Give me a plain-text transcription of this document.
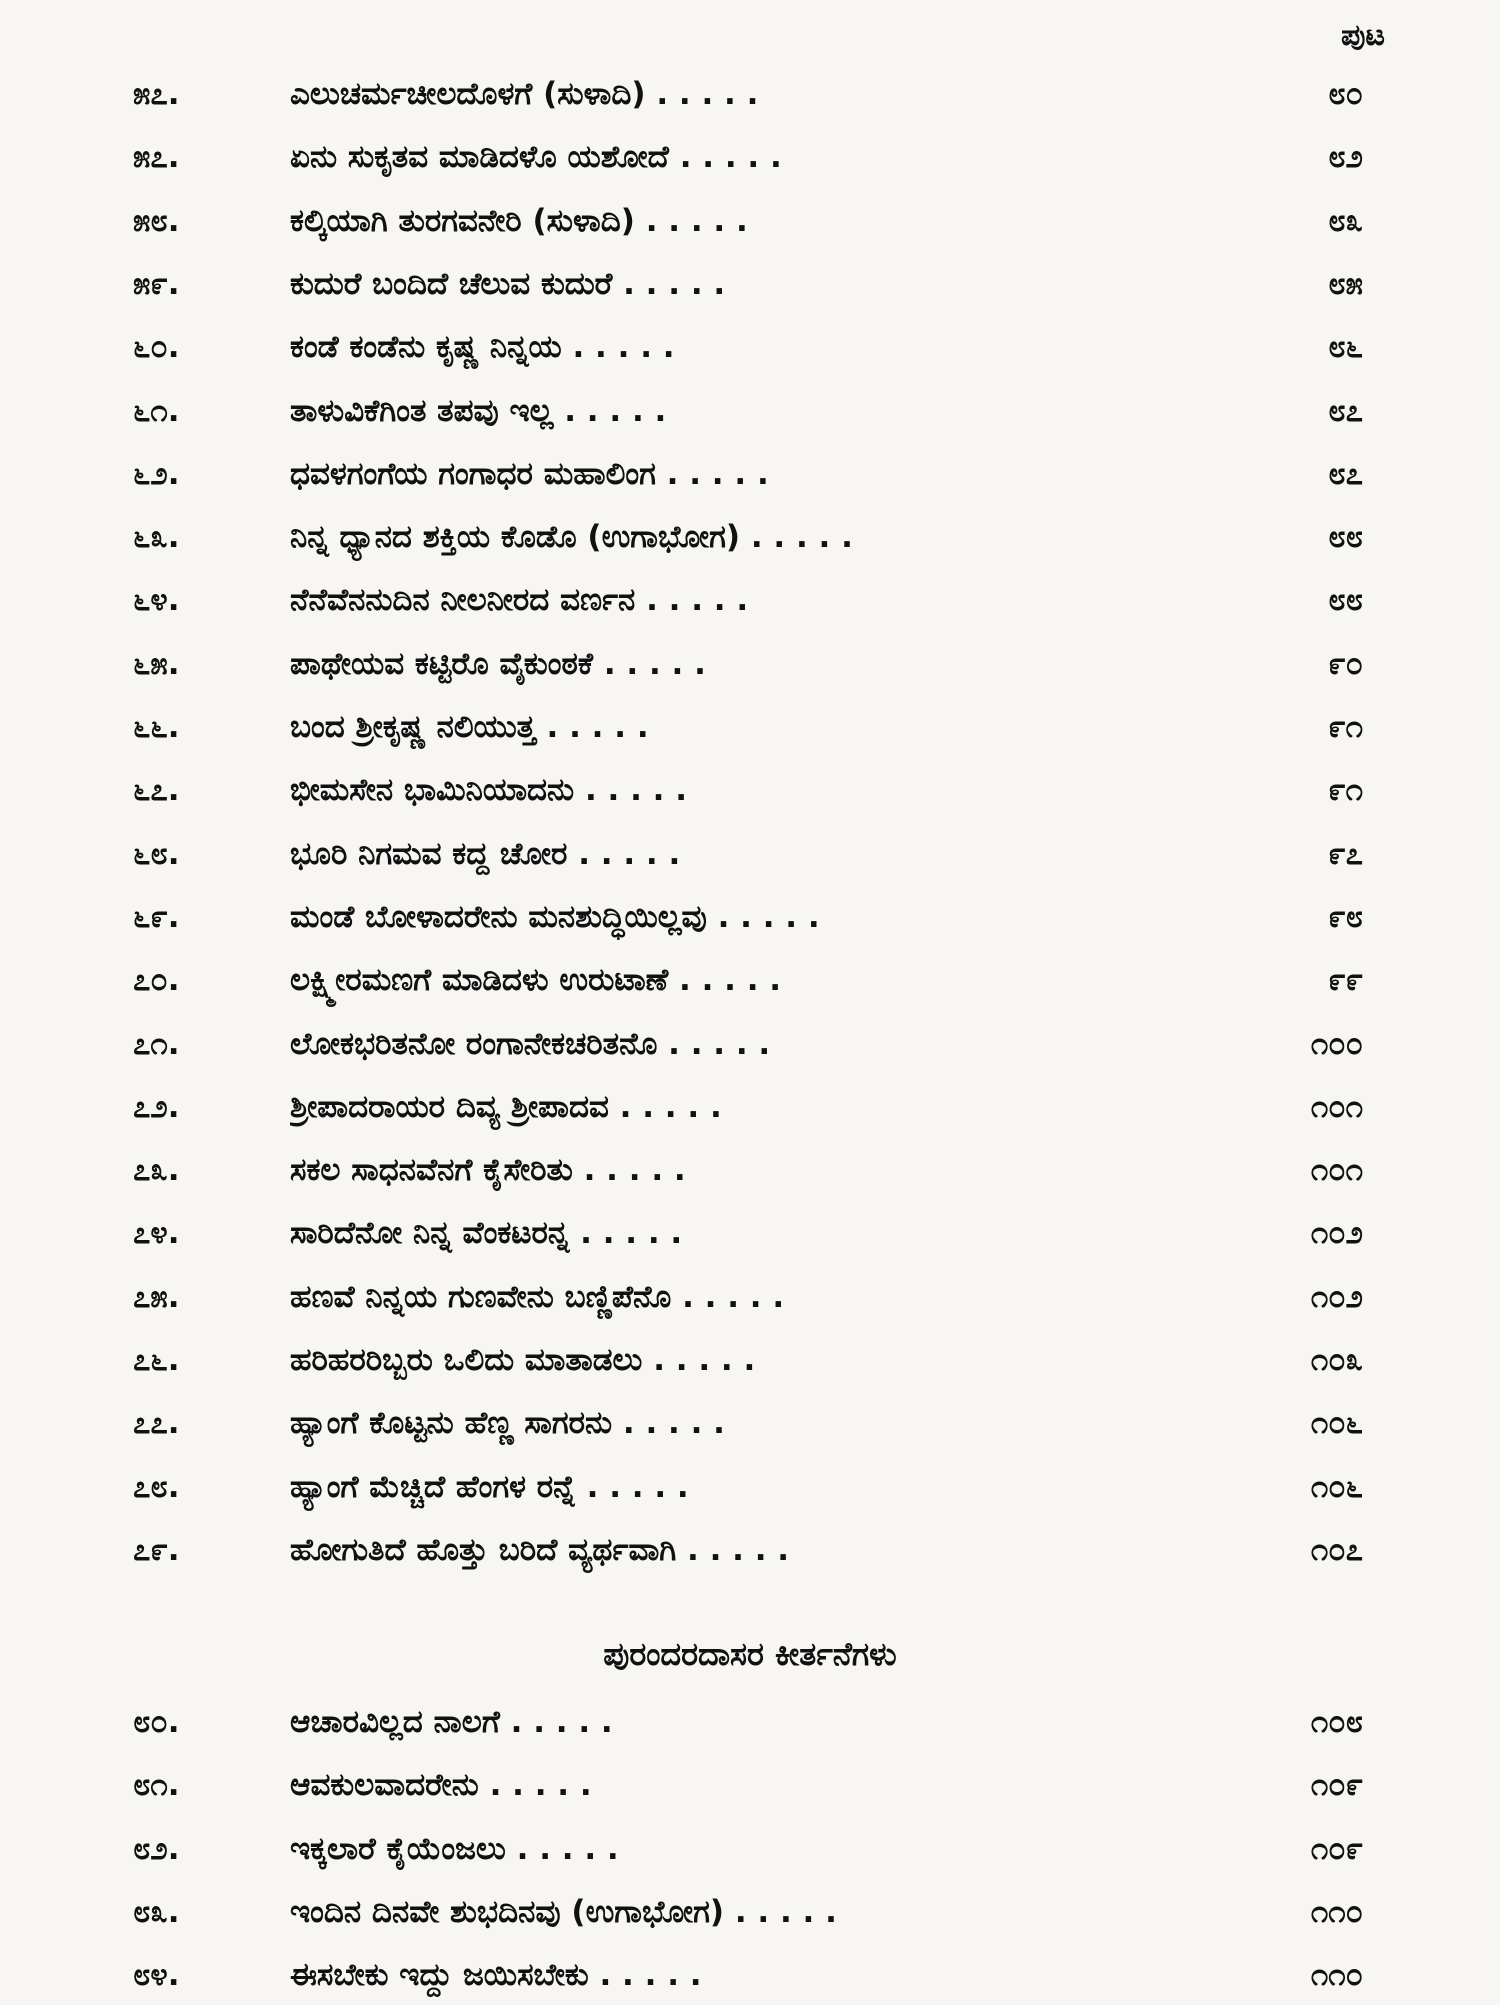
ಪುಟ
೫೭.	ಎಲುಚರ್ಮಚೀಲದೊಳಗೆ (ಸುಳಾದಿ) . . . . .	೮೦
೫೭.	ಏನು ಸುಕೃತವ ಮಾಡಿದಳೊ ಯಶೋದೆ . . . . .	೮೨
೫೮.	ಕಲ್ಕಿಯಾಗಿ ತುರಗವನೇರಿ (ಸುಳಾದಿ) . . . . .	೮೩
೫೯.	ಕುದುರೆ ಬಂದಿದೆ ಚೆಲುವ ಕುದುರೆ . . . . .	೮೫
೬೦.	ಕಂಡೆ ಕಂಡೆನು ಕೃಷ್ಣ ನಿನ್ನಯ . . . . .	೮೬
೬೧.	ತಾಳುವಿಕೆಗಿಂತ ತಪವು ಇಲ್ಲ . . . . .	೮೭
೬೨.	ಧವಳಗಂಗೆಯ ಗಂಗಾಧರ ಮಹಾಲಿಂಗ . . . . .	೮೭
೬೩.	ನಿನ್ನ ಧ್ಯಾನದ ಶಕ್ತಿಯ ಕೊಡೊ (ಉಗಾಭೋಗ) . . . . .	೮೮
೬೪.	ನೆನೆವೆನನುದಿನ ನೀಲನೀರದ ವರ್ಣನ . . . . .	೮೮
೬೫.	ಪಾಥೇಯವ ಕಟ್ಟಿರೊ ವೈಕುಂಠಕೆ . . . . .	೯೦
೬೬.	ಬಂದ ಶ್ರೀಕೃಷ್ಣ ನಲಿಯುತ್ತ . . . . .	೯೧
೬೭.	ಭೀಮಸೇನ ಭಾಮಿನಿಯಾದನು . . . . .	೯೧
೬೮.	ಭೂರಿ ನಿಗಮವ ಕದ್ದ ಚೋರ . . . . .	೯೭
೬೯.	ಮಂಡೆ ಬೋಳಾದರೇನು ಮನಶುದ್ಧಿಯಿಲ್ಲವು . . . . .	೯೮
೭೦.	ಲಕ್ಷ್ಮೀರಮಣಗೆ ಮಾಡಿದಳು ಉರುಟಾಣೆ . . . . .	೯೯
೭೧.	ಲೋಕಭರಿತನೋ ರಂಗಾನೇಕಚರಿತನೊ . . . . .	೧೦೦
೭೨.	ಶ್ರೀಪಾದರಾಯರ ದಿವ್ಯ ಶ್ರೀಪಾದವ . . . . .	೧೦೧
೭೩.	ಸಕಲ ಸಾಧನವೆನಗೆ ಕೈಸೇರಿತು . . . . .	೧೦೧
೭೪.	ಸಾರಿದೆನೋ ನಿನ್ನ ವೆಂಕಟರನ್ನ . . . . .	೧೦೨
೭೫.	ಹಣವೆ ನಿನ್ನಯ ಗುಣವೇನು ಬಣ್ಣಿಪೆನೊ . . . . .	೧೦೨
೭೬.	ಹರಿಹರರಿಬ್ಬರು ಒಲಿದು ಮಾತಾಡಲು . . . . .	೧೦೩
೭೭.	ಹ್ಯಾಂಗೆ ಕೊಟ್ಟನು ಹೆಣ್ಣ ಸಾಗರನು . . . . .	೧೦೬
೭೮.	ಹ್ಯಾಂಗೆ ಮೆಚ್ಚಿದೆ ಹೆಂಗಳ ರನ್ನೆ . . . . .	೧೦೬
೭೯.	ಹೋಗುತಿದೆ ಹೊತ್ತು ಬರಿದೆ ವ್ಯರ್ಥವಾಗಿ . . . . .	೧೦೭
ಪುರಂದರದಾಸರ ಕೀರ್ತನೆಗಳು
೮೦.	ಆಚಾರವಿಲ್ಲದ ನಾಲಗೆ . . . . .	೧೦೮
೮೧.	ಆವಕುಲವಾದರೇನು . . . . .	೧೦೯
೮೨.	ಇಕ್ಕಲಾರೆ ಕೈಯೆಂಜಲು . . . . .	೧೦೯
೮೩.	ಇಂದಿನ ದಿನವೇ ಶುಭದಿನವು (ಉಗಾಭೋಗ) . . . . .	೧೧೦
೮೪.	ಈಸಬೇಕು ಇದ್ದು ಜಯಿಸಬೇಕು . . . . .	೧೧೦
